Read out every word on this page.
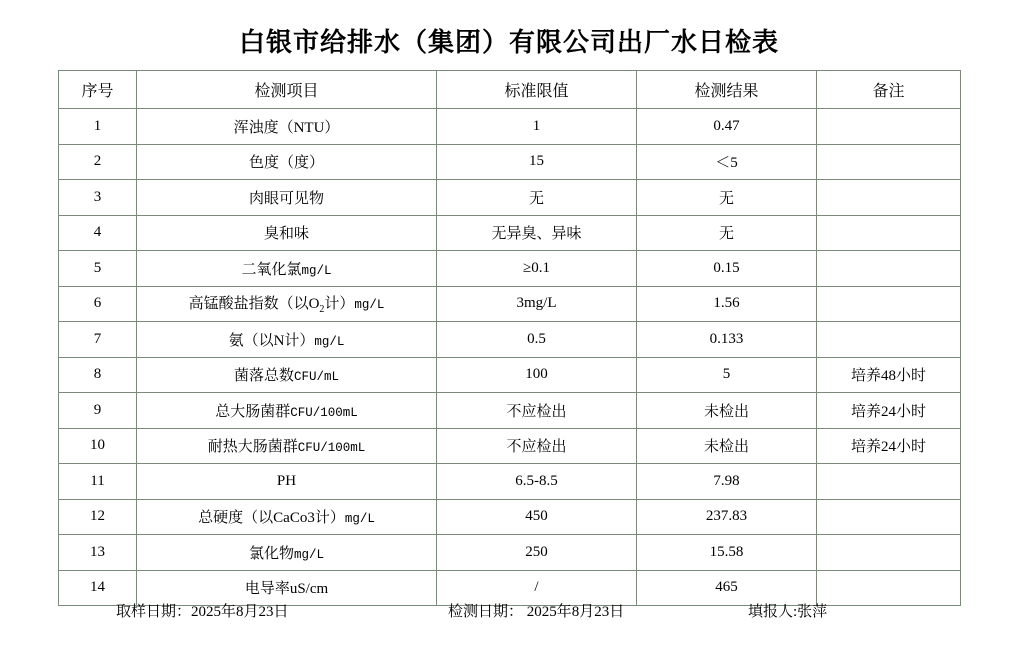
白银市给排水（集团）有限公司出厂水日检表
序号	检测项目	标准限值	检测结果	备注
1	浑浊度（NTU）	1	0.47	
2	色度（度）	15	＜5	
3	肉眼可见物	无	无	
4	臭和味	无异臭、异味	无	
5	二氧化氯mg/L	≥0.1	0.15	
6	高锰酸盐指数（以$O_2$计）mg/L	3mg/L	1.56	
7	氨（以N计）mg/L	0.5	0.133	
8	菌落总数CFU/mL	100	5	培养48小时
9	总大肠菌群CFU/100mL	不应检出	未检出	培养24小时
10	耐热大肠菌群CFU/100mL	不应检出	未检出	培养24小时
11	PH	6.5-8.5	7.98	
12	总硬度（以CaCo3计）mg/L	450	237.83	
13	氯化物mg/L	250	15.58	
14	电导率uS/cm	/	465	
取样日期：2025年8月23日	检测日期： 2025年8月23日	填报人:张萍
